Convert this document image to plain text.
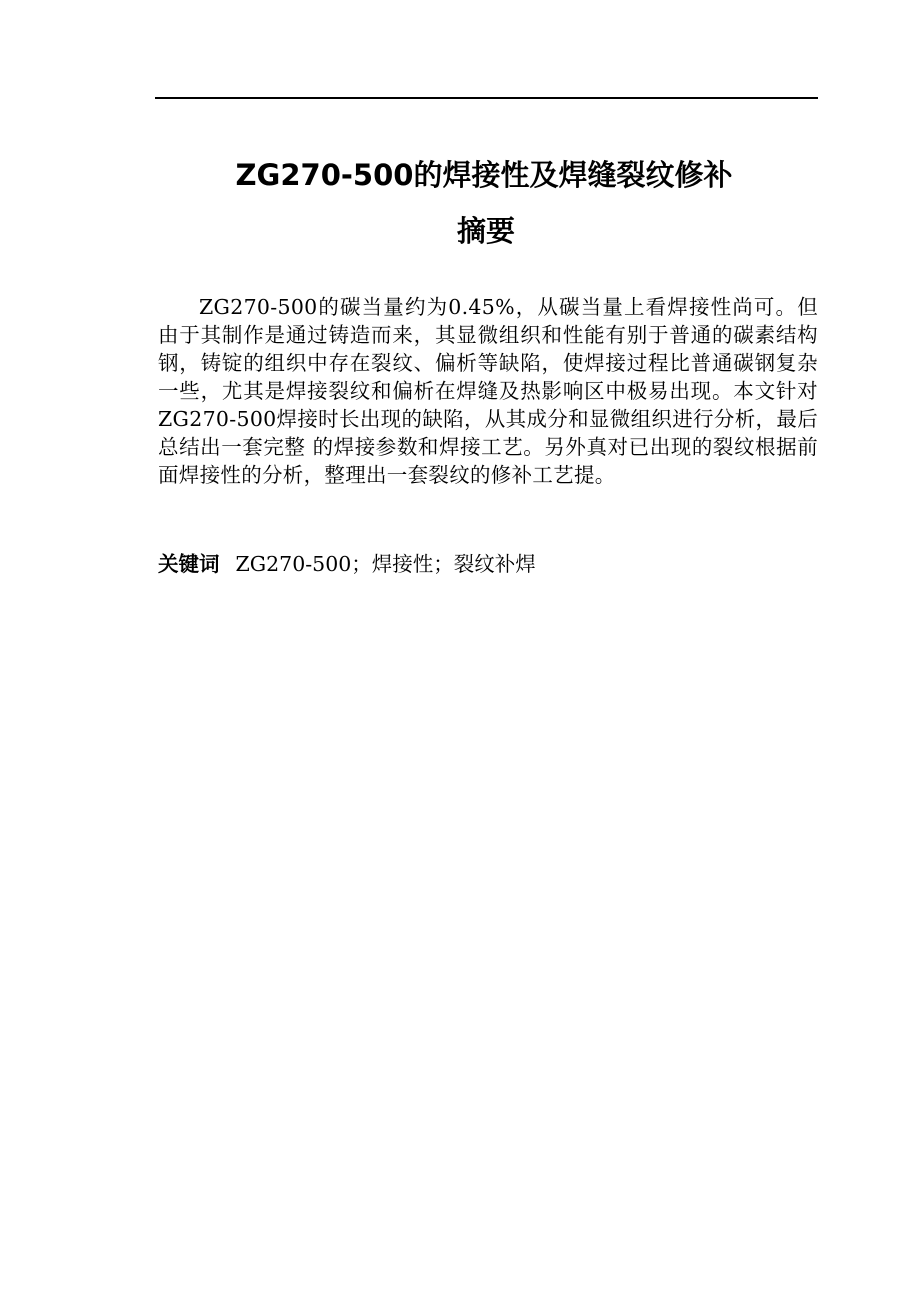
ZG270-500的焊接性及焊缝裂纹修补
摘要

ZG270-500的碳当量约为0.45%，从碳当量上看焊接性尚可。但由于其制作是通过铸造而来，其显微组织和性能有别于普通的碳素结构钢，铸锭的组织中存在裂纹、偏析等缺陷，使焊接过程比普通碳钢复杂一些，尤其是焊接裂纹和偏析在焊缝及热影响区中极易出现。本文针对ZG270-500焊接时长出现的缺陷，从其成分和显微组织进行分析，最后总结出一套完整 的焊接参数和焊接工艺。另外真对已出现的裂纹根据前面焊接性的分析，整理出一套裂纹的修补工艺提。

关键词 ZG270-500；焊接性；裂纹补焊
